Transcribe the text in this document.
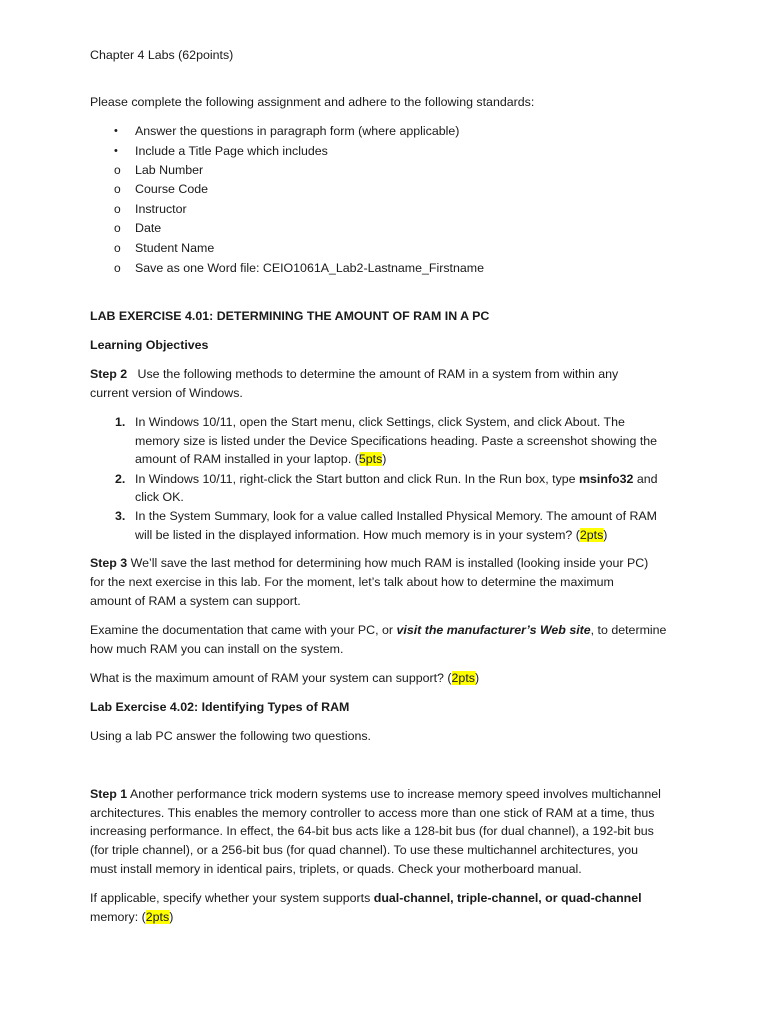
Chapter 4 Labs (62points)
Please complete the following assignment and adhere to the following standards:
• Answer the questions in paragraph form (where applicable)
• Include a Title Page which includes
o Lab Number
o Course Code
o Instructor
o Date
o Student Name
o Save as one Word file: CEIO1061A_Lab2-Lastname_Firstname
LAB EXERCISE 4.01: DETERMINING THE AMOUNT OF RAM IN A PC
Learning Objectives
Step 2 Use the following methods to determine the amount of RAM in a system from within any
current version of Windows.
1. In Windows 10/11, open the Start menu, click Settings, click System, and click About. The
memory size is listed under the Device Specifications heading. Paste a screenshot showing the
amount of RAM installed in your laptop. (5pts)
2. In Windows 10/11, right-click the Start button and click Run. In the Run box, type msinfo32 and
click OK.
3. In the System Summary, look for a value called Installed Physical Memory. The amount of RAM
will be listed in the displayed information. How much memory is in your system? (2pts)
Step 3 We’ll save the last method for determining how much RAM is installed (looking inside your PC)
for the next exercise in this lab. For the moment, let’s talk about how to determine the maximum
amount of RAM a system can support.
Examine the documentation that came with your PC, or visit the manufacturer’s Web site, to determine
how much RAM you can install on the system.
What is the maximum amount of RAM your system can support? (2pts)
Lab Exercise 4.02: Identifying Types of RAM
Using a lab PC answer the following two questions.
Step 1 Another performance trick modern systems use to increase memory speed involves multichannel
architectures. This enables the memory controller to access more than one stick of RAM at a time, thus
increasing performance. In effect, the 64-bit bus acts like a 128-bit bus (for dual channel), a 192-bit bus
(for triple channel), or a 256-bit bus (for quad channel). To use these multichannel architectures, you
must install memory in identical pairs, triplets, or quads. Check your motherboard manual.
If applicable, specify whether your system supports dual-channel, triple-channel, or quad-channel
memory: (2pts)
